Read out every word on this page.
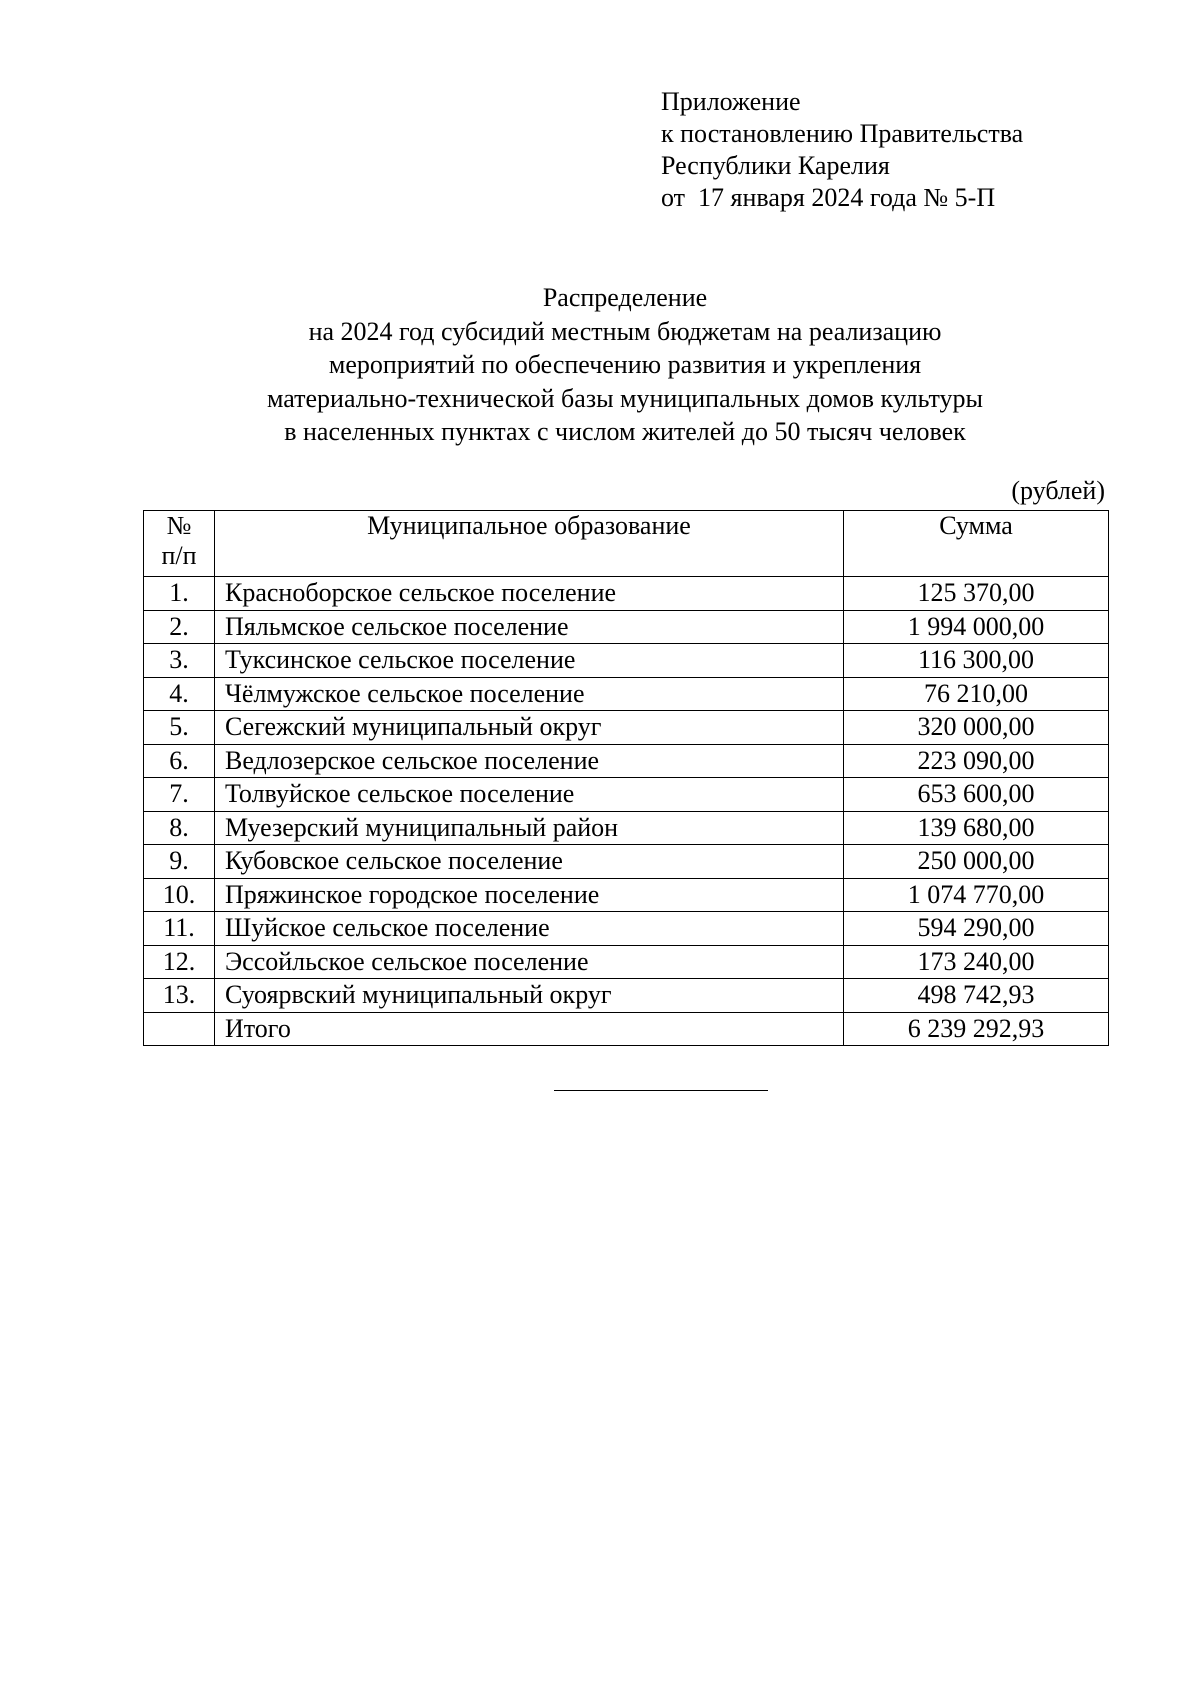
Приложение
к постановлению Правительства
Республики Карелия
от  17 января 2024 года № 5-П
Распределение
на 2024 год субсидий местным бюджетам на реализацию
мероприятий по обеспечению развития и укрепления
материально-технической базы муниципальных домов культуры
в населенных пунктах с числом жителей до 50 тысяч человек
(рублей)
№
п/п	Муниципальное образование	Сумма
1.	Красноборское сельское поселение	125 370,00
2.	Пяльмское сельское поселение	1 994 000,00
3.	Туксинское сельское поселение	116 300,00
4.	Чёлмужское сельское поселение	76 210,00
5.	Сегежский муниципальный округ	320 000,00
6.	Ведлозерское сельское поселение	223 090,00
7.	Толвуйское сельское поселение	653 600,00
8.	Муезерский муниципальный район	139 680,00
9.	Кубовское сельское поселение	250 000,00
10.	Пряжинское городское поселение	1 074 770,00
11.	Шуйское сельское поселение	594 290,00
12.	Эссойльское сельское поселение	173 240,00
13.	Суоярвский муниципальный округ	498 742,93
	Итого	6 239 292,93
